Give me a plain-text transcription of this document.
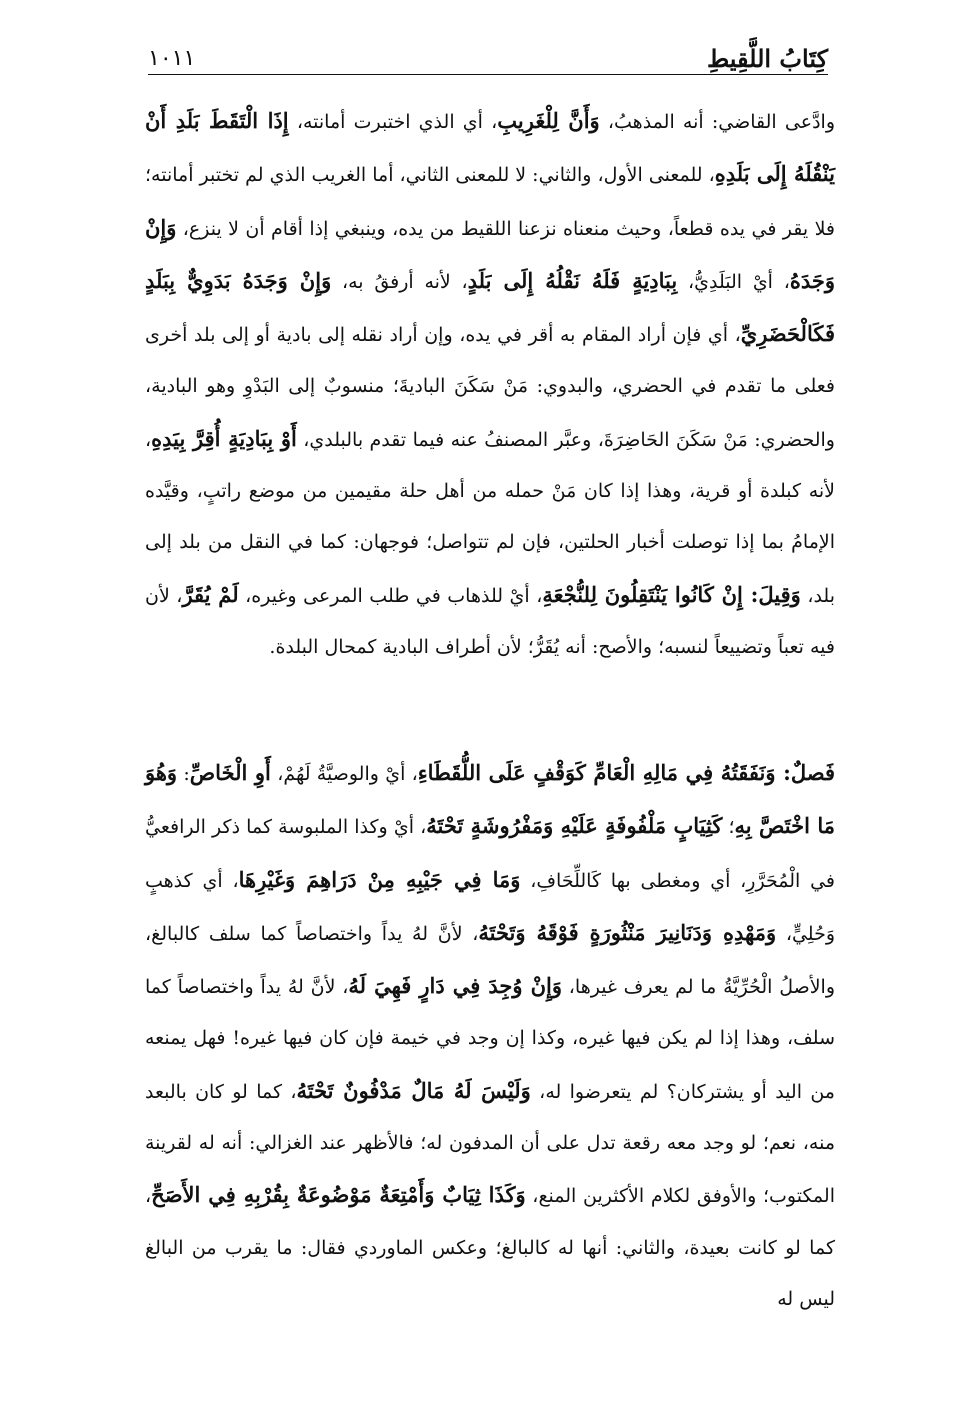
كِتَابُ اللَّقِيطِ
١٠١١

وادَّعى القاضي: أنه المذهبُ، وَأَنَّ لِلْغَرِيبِ، أي الذي اختبرت أمانته، إِذَا الْتَقَطَ بَلَدِ أَنْ يَنْقُلَهُ إِلَى بَلَدِهِ، للمعنى الأول، والثاني: لا للمعنى الثاني، أما الغريب الذي لم تختبر أمانته؛ فلا يقر في يده قطعاً، وحيث منعناه نزعنا اللقيط من يده، وينبغي إذا أقام أن لا ينزع، وَإِنْ وَجَدَهُ، أيْ البَلَدِيُّ، بِبَادِيَةٍ فَلَهُ نَقْلُهُ إِلَى بَلَدٍ، لأنه أرفقُ به، وَإِنْ وَجَدَهُ بَدَوِيٌّ بِبَلَدٍ فَكَالْحَضَرِيِّ، أي فإن أراد المقام به أقر في يده، وإن أراد نقله إلى بادية أو إلى بلد أخرى فعلى ما تقدم في الحضري، والبدوي: مَنْ سَكَنَ الباديةَ؛ منسوبٌ إلى البَدْوِ وهو البادية، والحضري: مَنْ سَكَنَ الحَاضِرَةَ، وعبَّر المصنفُ عنه فيما تقدم بالبلدي، أَوْ بِبَادِيَةٍ أُقِرَّ بِيَدِهِ، لأنه كبلدة أو قرية، وهذا إذا كان مَنْ حمله من أهل حلة مقيمين من موضع راتبٍ، وقيَّده الإمامُ بما إذا توصلت أخبار الحلتين، فإن لم تتواصل؛ فوجهان: كما في النقل من بلد إلى بلد، وَقِيلَ: إِنْ كَانُوا يَنْتَقِلُونَ لِلنُّجْعَةِ، أيْ للذهاب في طلب المرعى وغيره، لَمْ يُقَرَّ، لأن فيه تعباً وتضييعاً لنسبه؛ والأصح: أنه يُقَرُّ؛ لأن أطراف البادية كمحال البلدة.

فَصلٌ: وَنَفَقَتُهُ فِي مَالِهِ الْعَامِّ كَوَقْفٍ عَلَى اللُّقَطَاءِ، أيْ والوصيَّةُ لَهُمْ، أَوِ الْخَاصِّ: وَهُوَ مَا اخْتَصَّ بِهِ؛ كَثِيَابٍ مَلْفُوفَةٍ عَلَيْهِ وَمَفْرُوشَةٍ تَحْتَهُ، أيْ وكذا الملبوسة كما ذكر الرافعيُّ في الْمُحَرَّرِ، أي ومغطى بها كَاللِّحَافِ، وَمَا فِي جَيْبِهِ مِنْ دَرَاهِمَ وَغَيْرِهَا، أي كذهبٍ وَحُلِيٍّ، وَمَهْدِهِ وَدَنَانِيرَ مَنْثُورَةٍ فَوْقَهُ وَتَحْتَهُ، لأنَّ لهُ يداً واختصاصاً كما سلف كالبالغ، والأصلُ الْحُرِّيَّةُ ما لم يعرف غيرها، وَإِنْ وُجِدَ فِي دَارٍ فَهِيَ لَهُ، لأنَّ لهُ يداً واختصاصاً كما سلف، وهذا إذا لم يكن فيها غيره، وكذا إن وجد في خيمة فإن كان فيها غيره! فهل يمنعه من اليد أو يشتركان؟ لم يتعرضوا له، وَلَيْسَ لَهُ مَالٌ مَدْفُونٌ تَحْتَهُ، كما لو كان بالبعد منه، نعم؛ لو وجد معه رقعة تدل على أن المدفون له؛ فالأظهر عند الغزالي: أنه له لقرينة المكتوب؛ والأوفق لكلام الأكثرين المنع، وَكَذَا ثِيَابٌ وَأَمْتِعَةٌ مَوْضُوعَةٌ بِقُرْبِهِ فِي الأَصَحِّ، كما لو كانت بعيدة، والثاني: أنها له كالبالغ؛ وعكس الماوردي فقال: ما يقرب من البالغ ليس له
